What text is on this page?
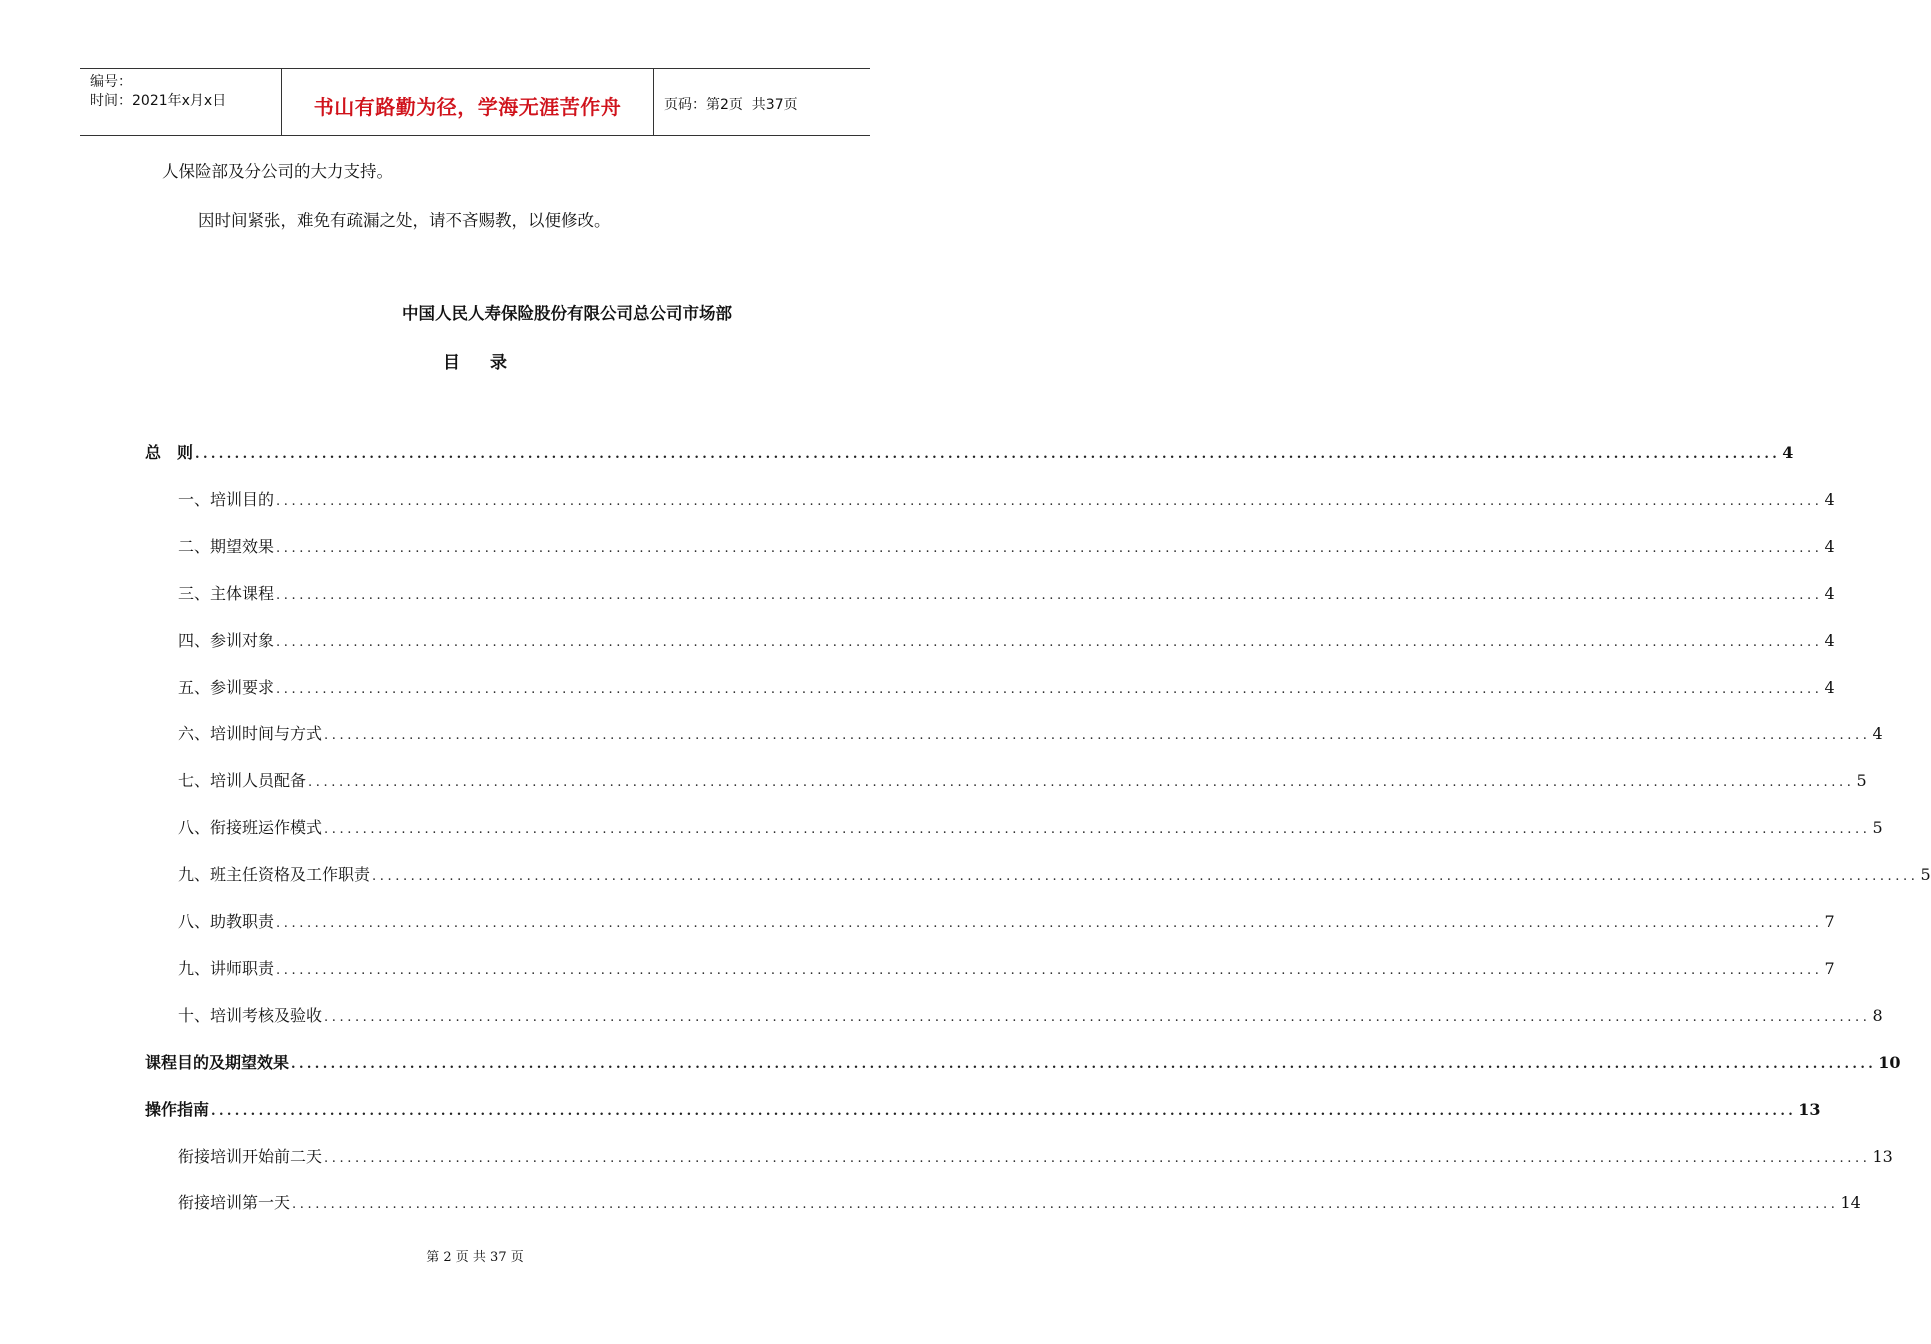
编号：
时间：2021年x月x日	书山有路勤为径，学海无涯苦作舟	页码：第2页  共37页
人保险部及分公司的大力支持。
因时间紧张，难免有疏漏之处，请不吝赐教，以便修改。
中国人民人寿保险股份有限公司总公司市场部
目 录
总　则 ........................................................................................................................................................................................................ 4
一、培训目的 ........................................................................................................................................................................................................ 4
二、期望效果 ........................................................................................................................................................................................................ 4
三、主体课程 ........................................................................................................................................................................................................ 4
四、参训对象 ........................................................................................................................................................................................................ 4
五、参训要求 ........................................................................................................................................................................................................ 4
六、培训时间与方式 ........................................................................................................................................................................................................ 4
七、培训人员配备 ........................................................................................................................................................................................................ 5
八、衔接班运作模式 ........................................................................................................................................................................................................ 5
九、班主任资格及工作职责 ........................................................................................................................................................................................................ 5
八、助教职责 ........................................................................................................................................................................................................ 7
九、讲师职责 ........................................................................................................................................................................................................ 7
十、培训考核及验收 ........................................................................................................................................................................................................ 8
课程目的及期望效果 ........................................................................................................................................................................................................ 10
操作指南 ........................................................................................................................................................................................................ 13
衔接培训开始前二天 ........................................................................................................................................................................................................ 13
衔接培训第一天 ........................................................................................................................................................................................................ 14
第 2 页 共 37 页
